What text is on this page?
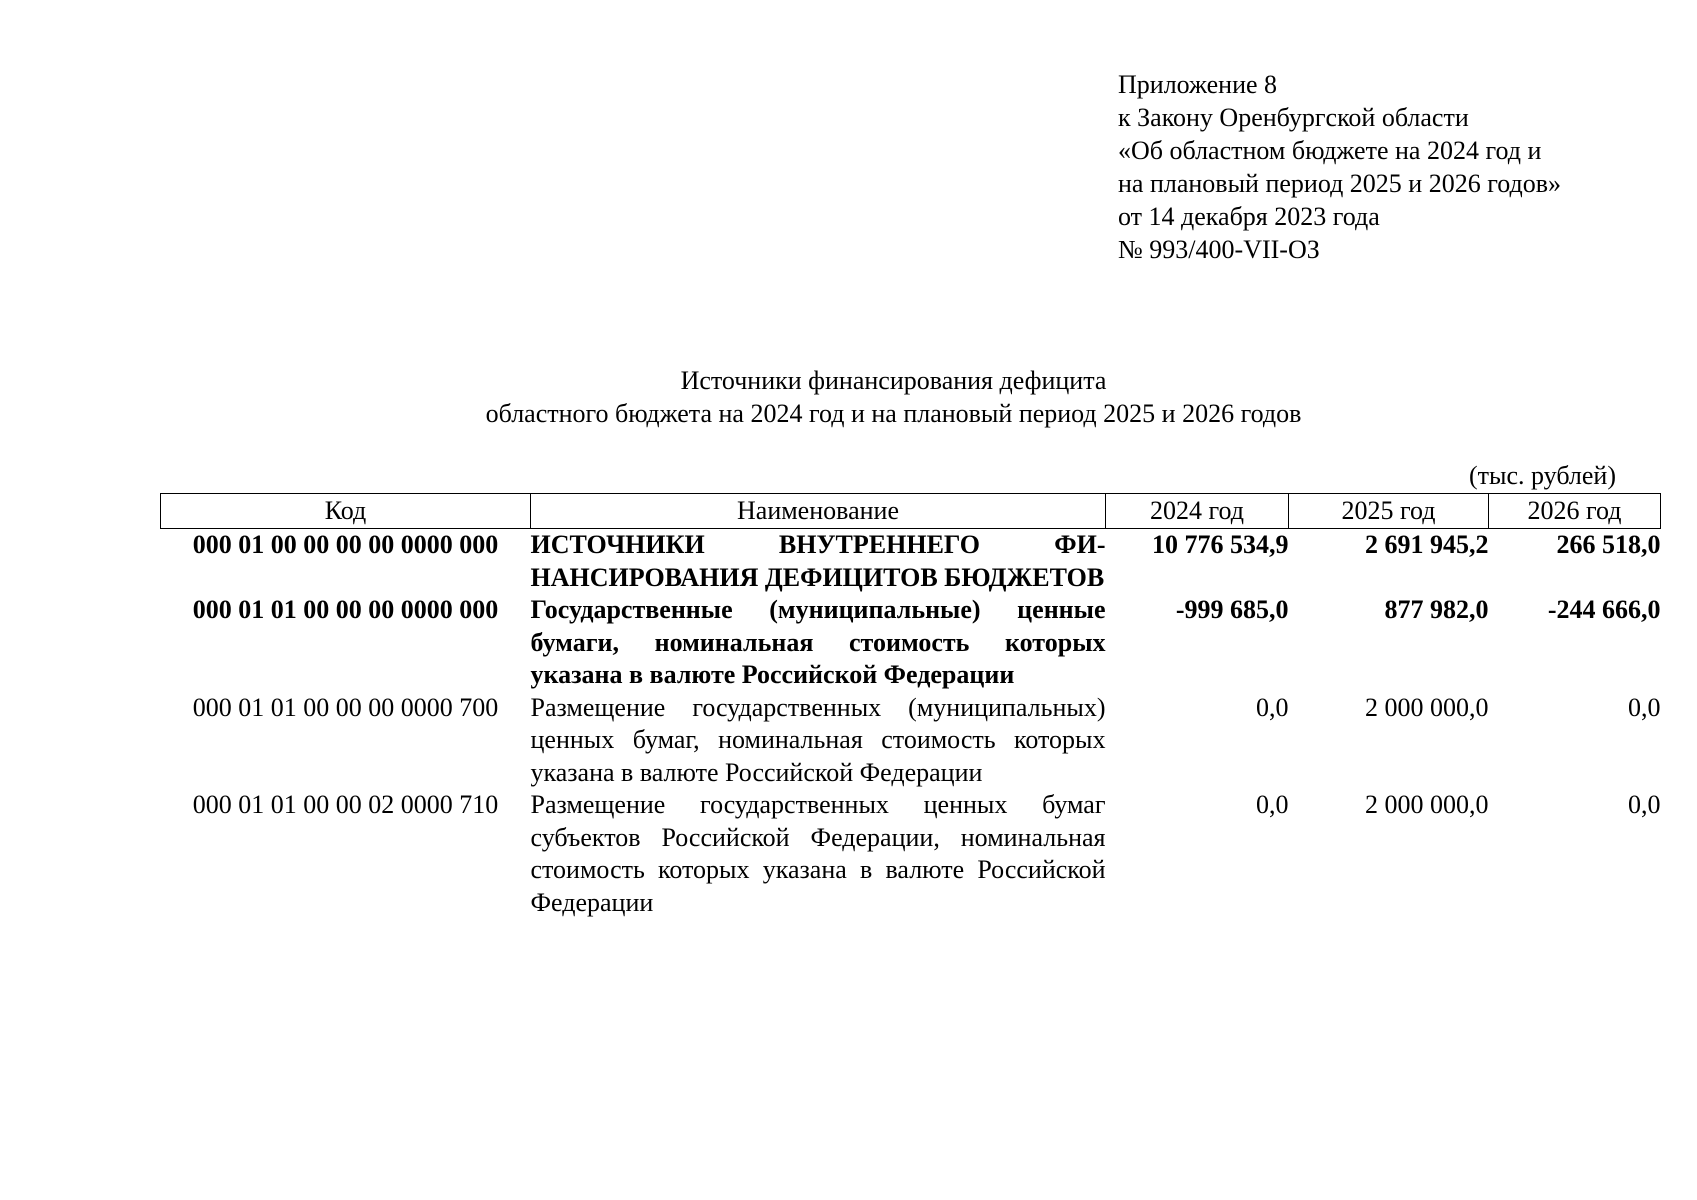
Приложение 8
к Закону Оренбургской области
«Об областном бюджете на 2024 год и
на плановый период 2025 и 2026 годов»
от 14 декабря 2023 года
№ 993/400-VII-ОЗ
Источники финансирования дефицита
областного бюджета на 2024 год и на плановый период 2025 и 2026 годов
(тыс. рублей)
Код	Наименование	2024 год	2025 год	2026 год
000 01 00 00 00 00 0000 000	ИСТОЧНИКИ ВНУТРЕННЕГО ФИНАНСИРОВАНИЯ ДЕФИЦИТОВ БЮДЖЕТОВ	10 776 534,9	2 691 945,2	266 518,0
000 01 01 00 00 00 0000 000	Государственные (муниципальные) ценные бумаги, номинальная стоимость которых указана в валюте Российской Федерации	-999 685,0	877 982,0	-244 666,0
000 01 01 00 00 00 0000 700	Размещение государственных (муниципальных) ценных бумаг, номинальная стоимость которых указана в валюте Российской Федерации	0,0	2 000 000,0	0,0
000 01 01 00 00 02 0000 710	Размещение государственных ценных бумаг субъектов Российской Федерации, номинальная стоимость которых указана в валюте Российской Федерации	0,0	2 000 000,0	0,0
